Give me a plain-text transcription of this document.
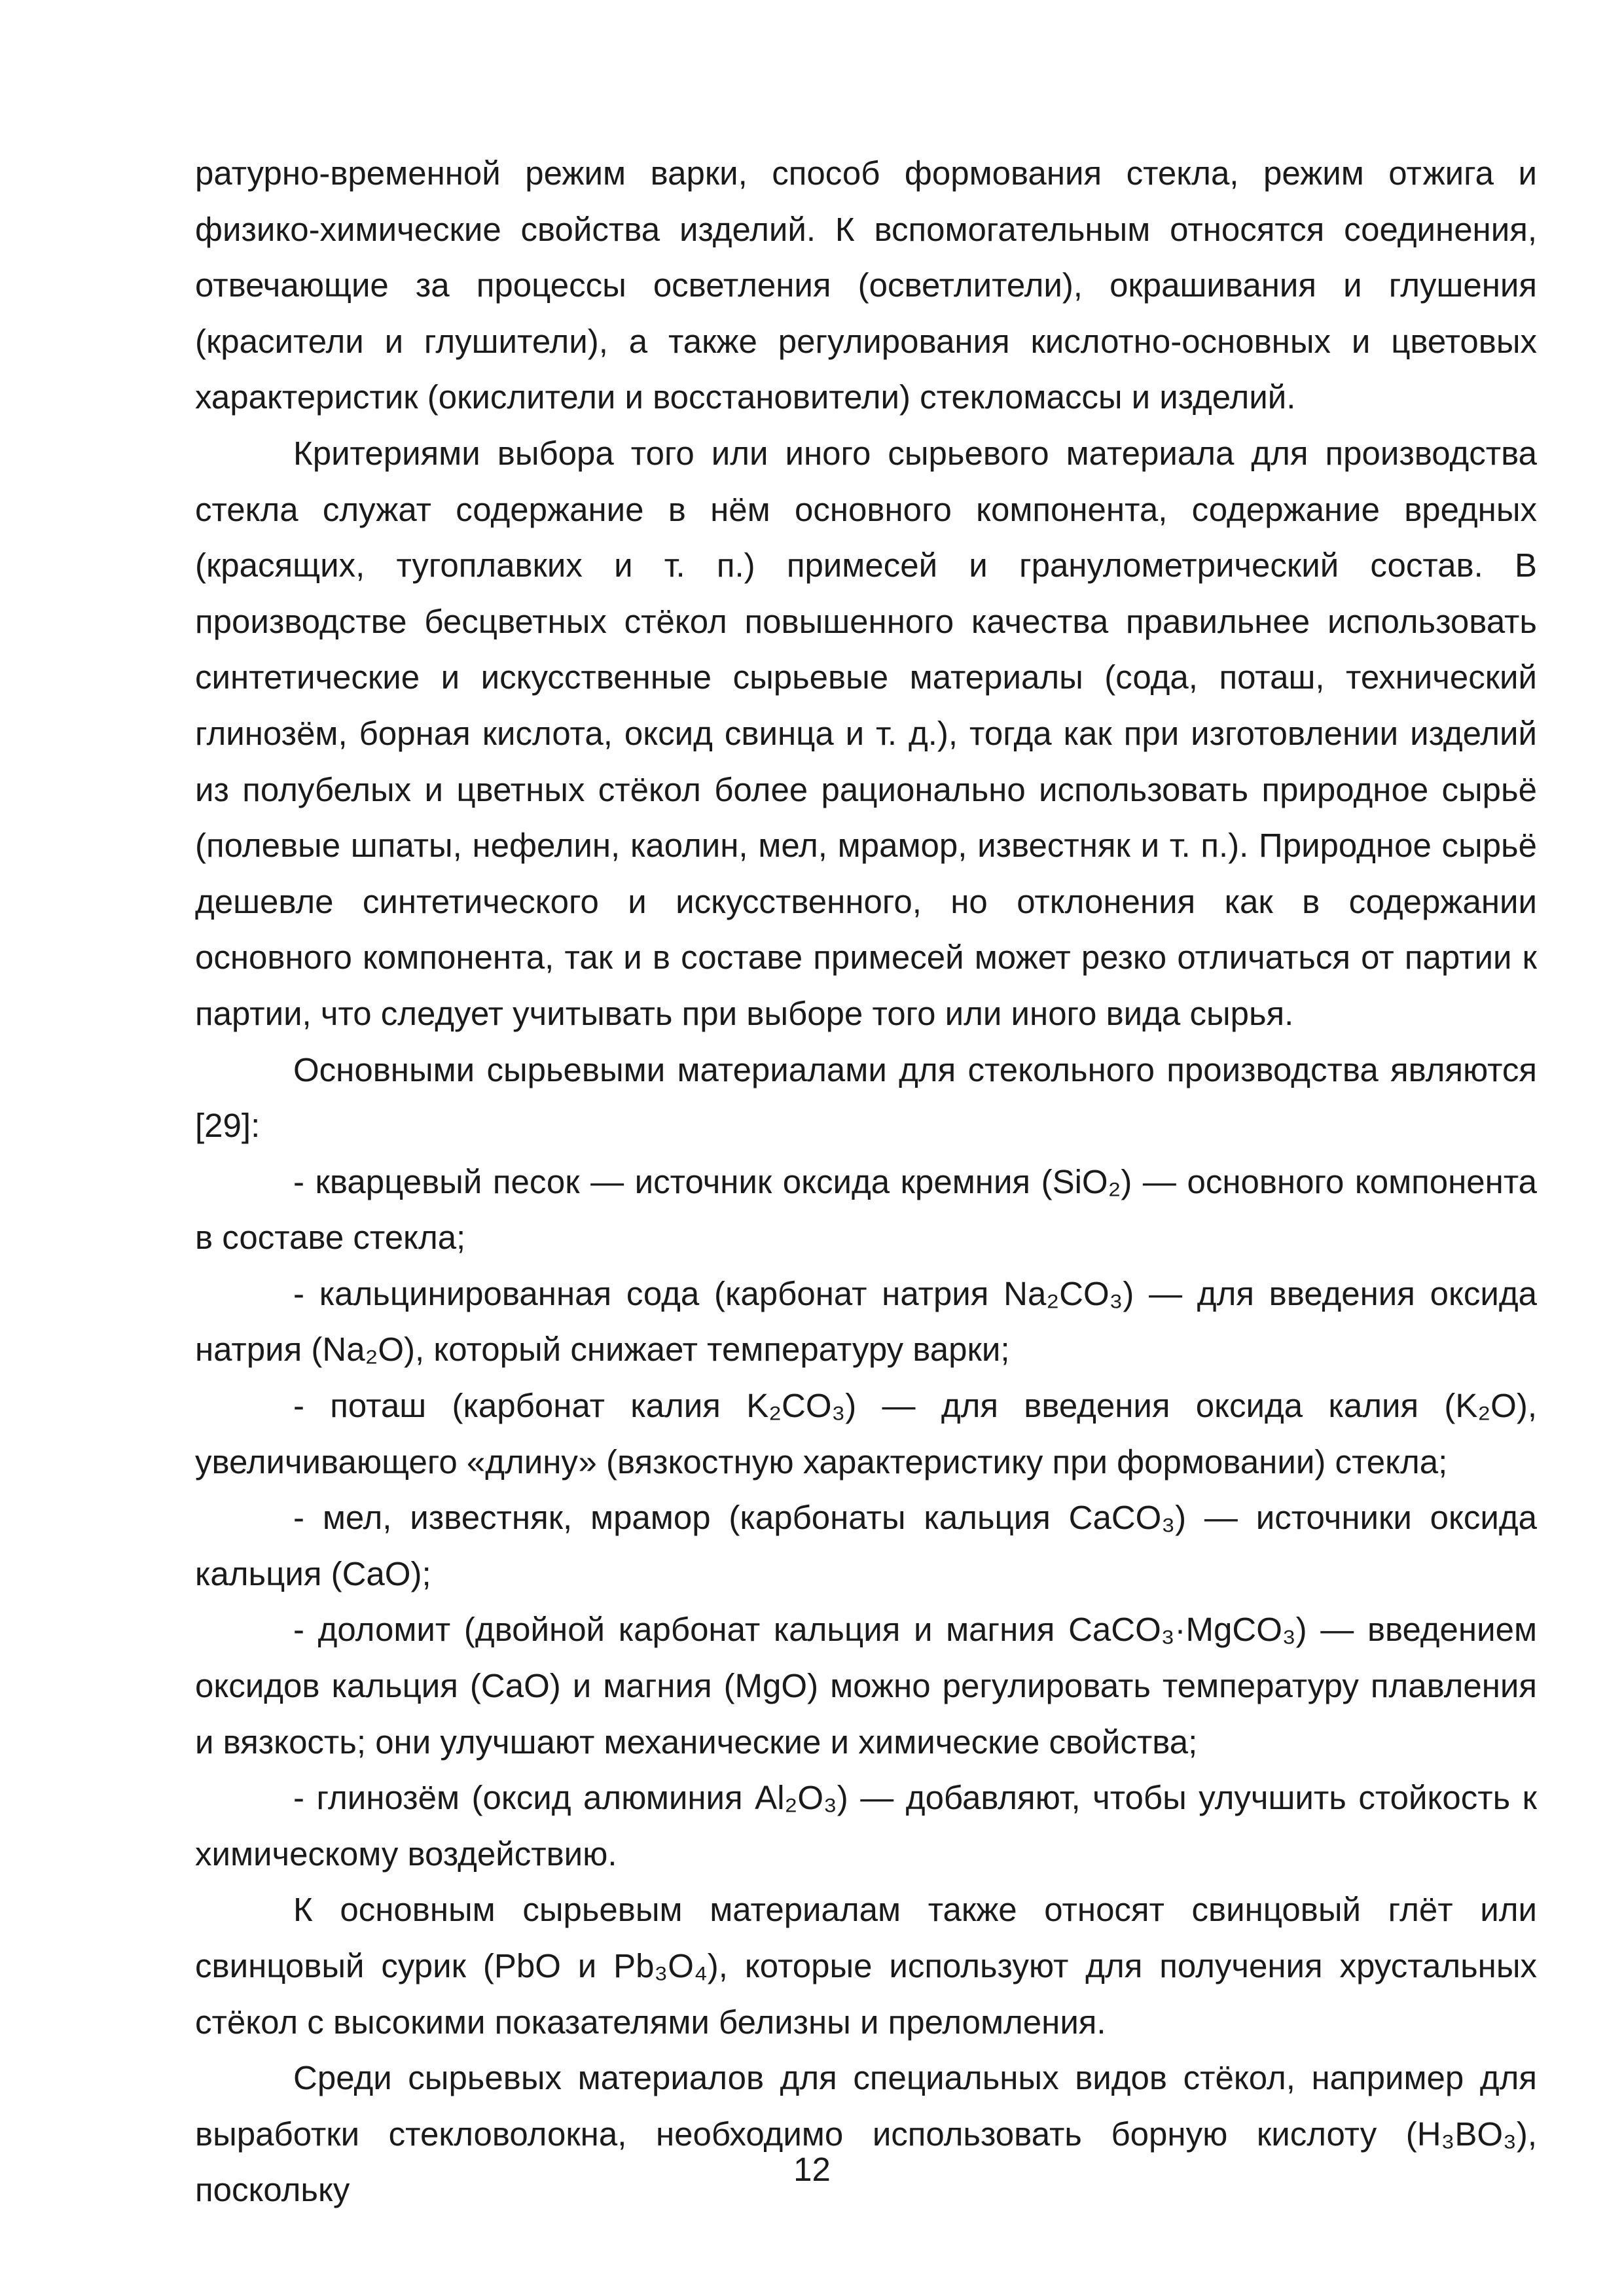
ратурно-временной режим варки, способ формования стекла, режим отжига и физико-химические свойства изделий. К вспомогательным относятся соединения, отвечающие за процессы осветления (осветлители), окрашивания и глушения (красители и глушители), а также регулирования кислотно-основных и цветовых характеристик (окислители и восстановители) стекломассы и изделий.

Критериями выбора того или иного сырьевого материала для производства стекла служат содержание в нём основного компонента, содержание вредных (красящих, тугоплавких и т. п.) примесей и гранулометрический состав. В производстве бесцветных стёкол повышенного качества правильнее использовать синтетические и искусственные сырьевые материалы (сода, поташ, технический глинозём, борная кислота, оксид свинца и т. д.), тогда как при изготовлении изделий из полубелых и цветных стёкол более рационально использовать природное сырьё (полевые шпаты, нефелин, каолин, мел, мрамор, известняк и т. п.). Природное сырьё дешевле синтетического и искусственного, но отклонения как в содержании основного компонента, так и в составе примесей может резко отличаться от партии к партии, что следует учитывать при выборе того или иного вида сырья.

Основными сырьевыми материалами для стекольного производства являются [29]:

- кварцевый песок — источник оксида кремния (SiO₂) — основного компонента в составе стекла;

- кальцинированная сода (карбонат натрия Na₂CO₃) — для введения оксида натрия (Na₂O), который снижает температуру варки;

- поташ (карбонат калия K₂CO₃) — для введения оксида калия (K₂O), увеличивающего «длину» (вязкостную характеристику при формовании) стекла;

- мел, известняк, мрамор (карбонаты кальция CaCO₃) — источники оксида кальция (CaO);

- доломит (двойной карбонат кальция и магния CaCO₃·MgCO₃) — введением оксидов кальция (CaO) и магния (MgO) можно регулировать температуру плавления и вязкость; они улучшают механические и химические свойства;

- глинозём (оксид алюминия Al₂O₃) — добавляют, чтобы улучшить стойкость к химическому воздействию.

К основным сырьевым материалам также относят свинцовый глёт или свинцовый сурик (PbO и Pb₃O₄), которые используют для получения хрустальных стёкол с высокими показателями белизны и преломления.

Среди сырьевых материалов для специальных видов стёкол, например для выработки стекловолокна, необходимо использовать борную кислоту (H₃BO₃), поскольку

12
